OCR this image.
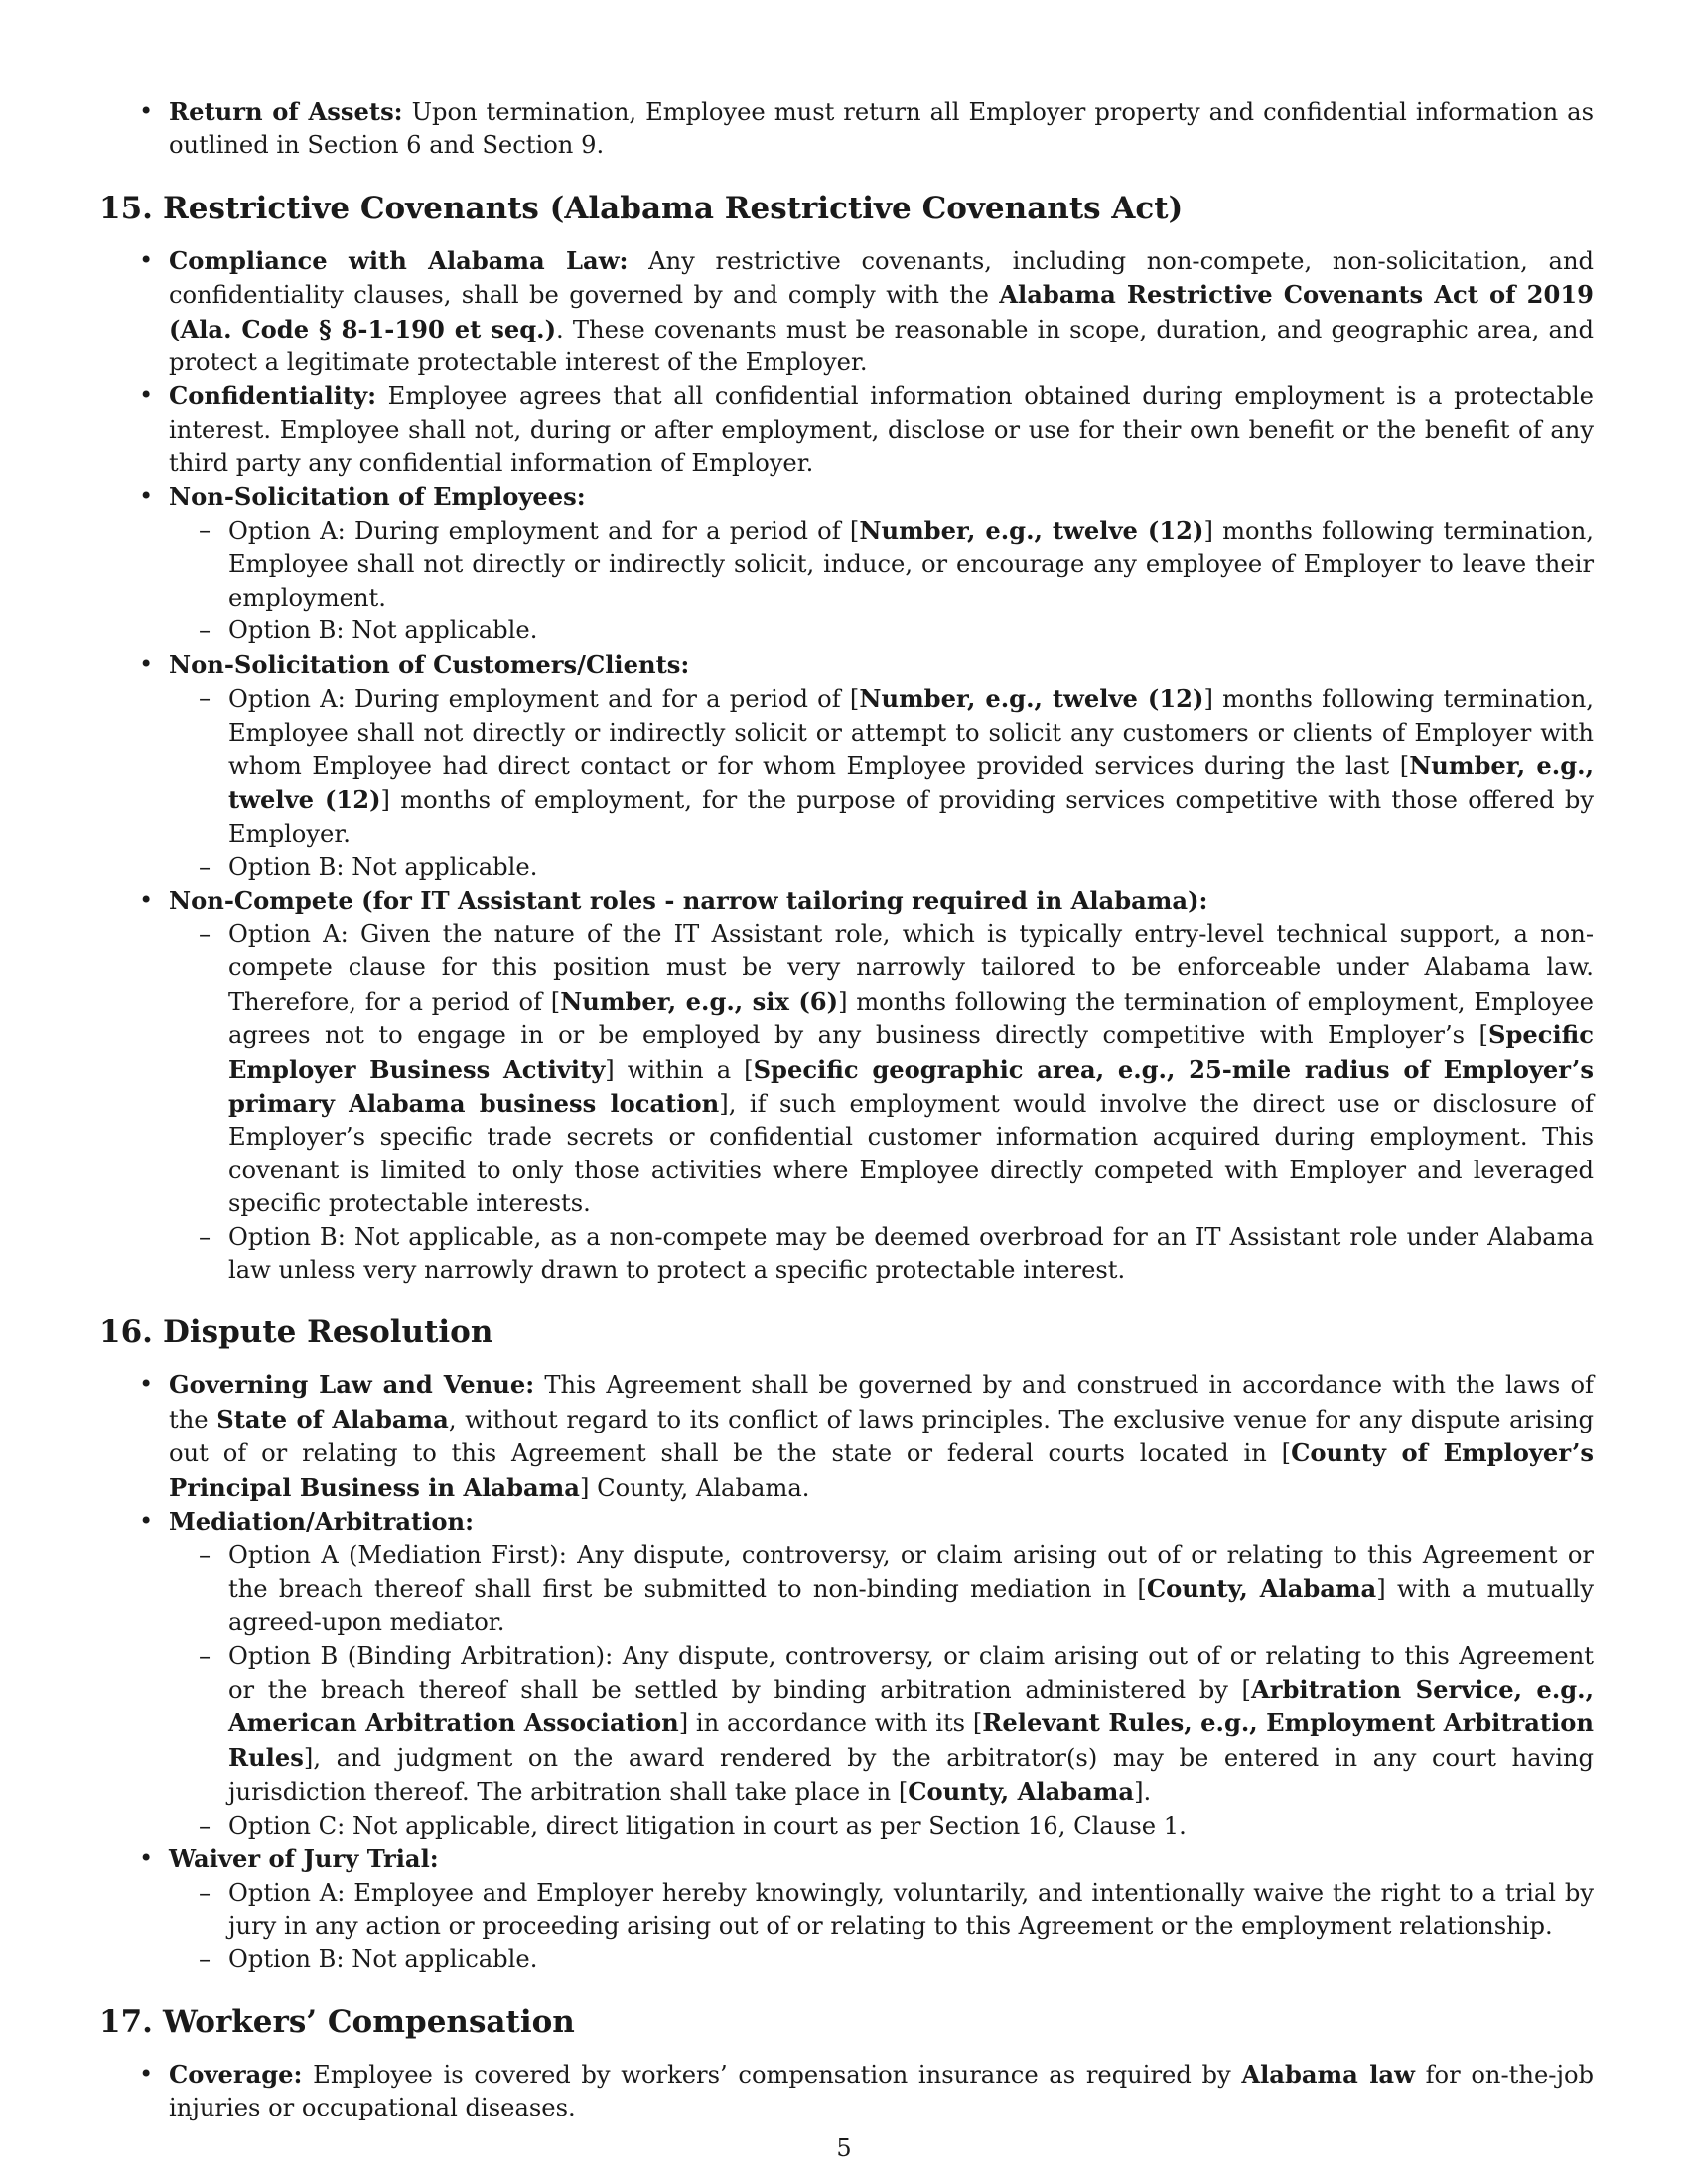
• Return of Assets: Upon termination, Employee must return all Employer property and confidential information as outlined in Section 6 and Section 9.
15. Restrictive Covenants (Alabama Restrictive Covenants Act)
• Compliance with Alabama Law: Any restrictive covenants, including non-compete, non-solicitation, and confidentiality clauses, shall be governed by and comply with the Alabama Restrictive Covenants Act of 2019 (Ala. Code § 8-1-190 et seq.). These covenants must be reasonable in scope, duration, and geographic area, and protect a legitimate protectable interest of the Employer.
• Confidentiality: Employee agrees that all confidential information obtained during employment is a protectable interest. Employee shall not, during or after employment, disclose or use for their own benefit or the benefit of any third party any confidential information of Employer.
• Non-Solicitation of Employees:
– Option A: During employment and for a period of [Number, e.g., twelve (12)] months following termination, Employee shall not directly or indirectly solicit, induce, or encourage any employee of Employer to leave their employment.
– Option B: Not applicable.
• Non-Solicitation of Customers/Clients:
– Option A: During employment and for a period of [Number, e.g., twelve (12)] months following termination, Employee shall not directly or indirectly solicit or attempt to solicit any customers or clients of Employer with whom Employee had direct contact or for whom Employee provided services during the last [Number, e.g., twelve (12)] months of employment, for the purpose of providing services competitive with those offered by Employer.
– Option B: Not applicable.
• Non-Compete (for IT Assistant roles - narrow tailoring required in Alabama):
– Option A: Given the nature of the IT Assistant role, which is typically entry-level technical support, a non-compete clause for this position must be very narrowly tailored to be enforceable under Alabama law. Therefore, for a period of [Number, e.g., six (6)] months following the termination of employment, Employee agrees not to engage in or be employed by any business directly competitive with Employer’s [Specific Employer Business Activity] within a [Specific geographic area, e.g., 25-mile radius of Employer’s primary Alabama business location], if such employment would involve the direct use or disclosure of Employer’s specific trade secrets or confidential customer information acquired during employment. This covenant is limited to only those activities where Employee directly competed with Employer and leveraged specific protectable interests.
– Option B: Not applicable, as a non-compete may be deemed overbroad for an IT Assistant role under Alabama law unless very narrowly drawn to protect a specific protectable interest.
16. Dispute Resolution
• Governing Law and Venue: This Agreement shall be governed by and construed in accordance with the laws of the State of Alabama, without regard to its conflict of laws principles. The exclusive venue for any dispute arising out of or relating to this Agreement shall be the state or federal courts located in [County of Employer’s Principal Business in Alabama] County, Alabama.
• Mediation/Arbitration:
– Option A (Mediation First): Any dispute, controversy, or claim arising out of or relating to this Agreement or the breach thereof shall first be submitted to non-binding mediation in [County, Alabama] with a mutually agreed-upon mediator.
– Option B (Binding Arbitration): Any dispute, controversy, or claim arising out of or relating to this Agreement or the breach thereof shall be settled by binding arbitration administered by [Arbitration Service, e.g., American Arbitration Association] in accordance with its [Relevant Rules, e.g., Employment Arbitration Rules], and judgment on the award rendered by the arbitrator(s) may be entered in any court having jurisdiction thereof. The arbitration shall take place in [County, Alabama].
– Option C: Not applicable, direct litigation in court as per Section 16, Clause 1.
• Waiver of Jury Trial:
– Option A: Employee and Employer hereby knowingly, voluntarily, and intentionally waive the right to a trial by jury in any action or proceeding arising out of or relating to this Agreement or the employment relationship.
– Option B: Not applicable.
17. Workers’ Compensation
• Coverage: Employee is covered by workers’ compensation insurance as required by Alabama law for on-the-job injuries or occupational diseases.
5
